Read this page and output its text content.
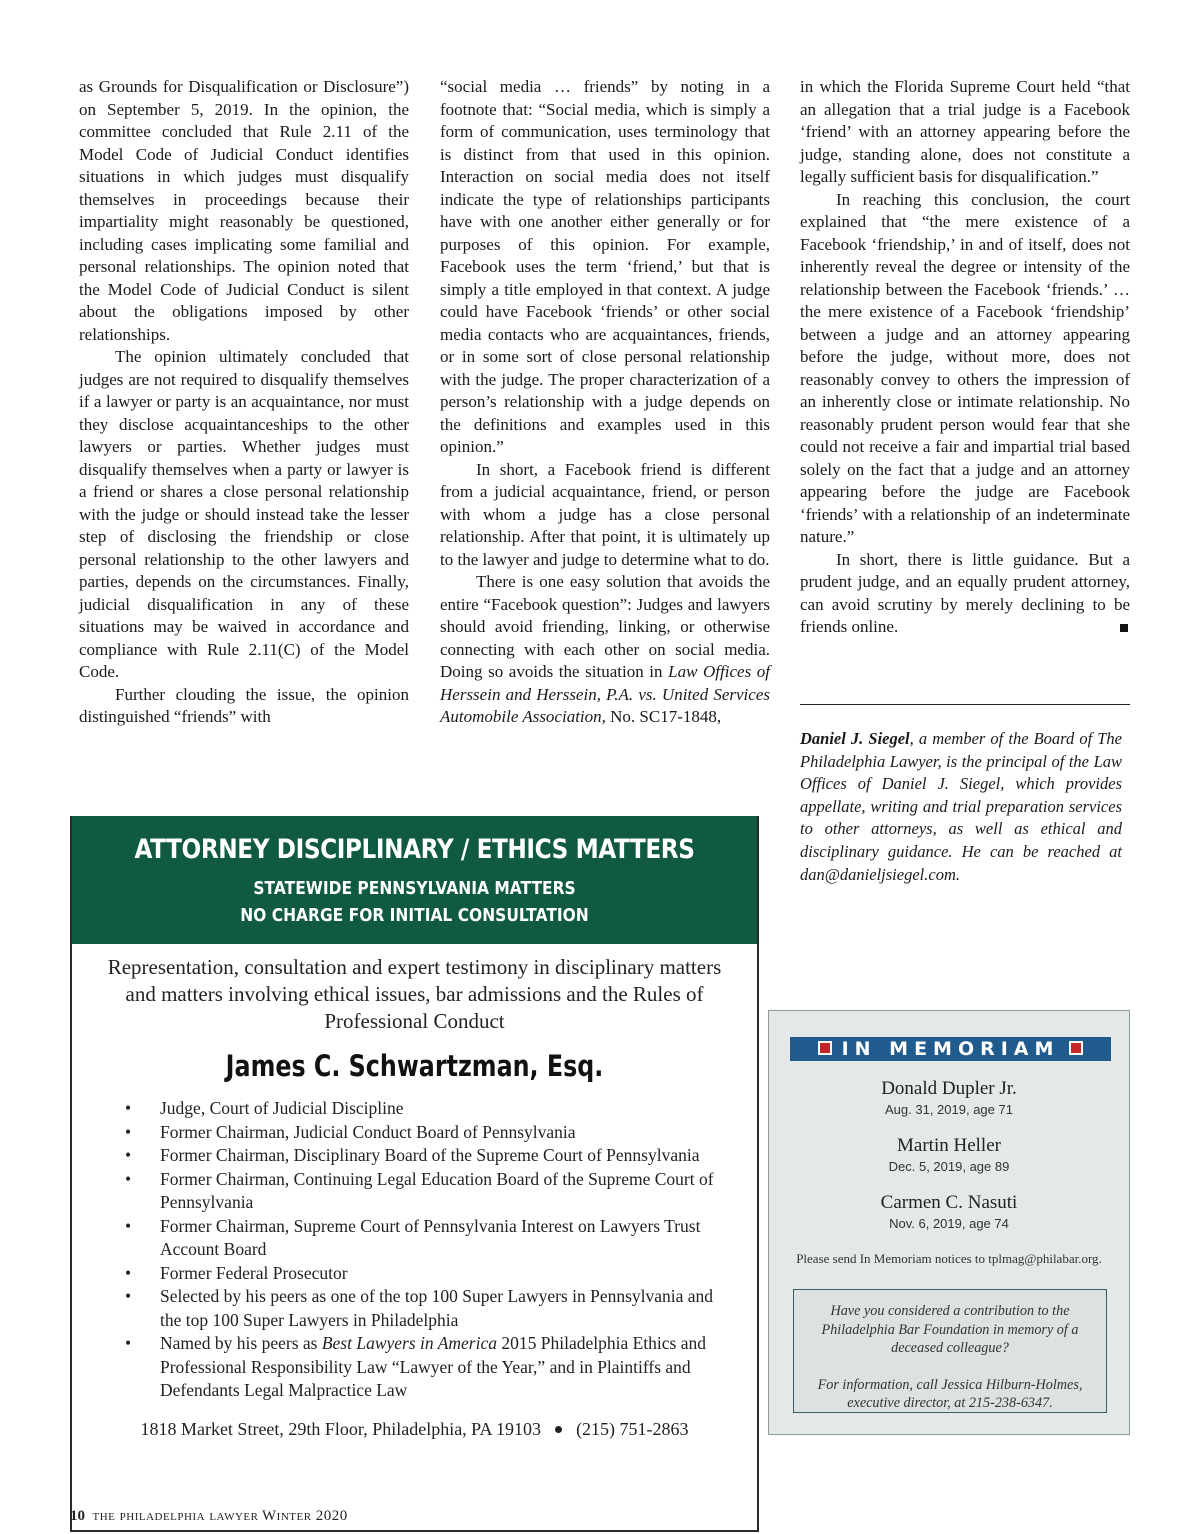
as Grounds for Disqualification or Disclosure”) on September 5, 2019. In the opinion, the committee concluded that Rule 2.11 of the Model Code of Judicial Conduct identifies situations in which judges must disqualify themselves in proceedings because their impartiality might reasonably be questioned, including cases implicating some familial and personal relationships. The opinion noted that the Model Code of Judicial Conduct is silent about the obligations imposed by other relationships.

The opinion ultimately concluded that judges are not required to disqualify themselves if a lawyer or party is an acquaintance, nor must they disclose acquaintanceships to the other lawyers or parties. Whether judges must disqualify themselves when a party or lawyer is a friend or shares a close personal relationship with the judge or should instead take the lesser step of disclosing the friendship or close personal relationship to the other lawyers and parties, depends on the circumstances. Finally, judicial disqualification in any of these situations may be waived in accordance and compliance with Rule 2.11(C) of the Model Code.

Further clouding the issue, the opinion distinguished “friends” with

“social media … friends” by noting in a footnote that: “Social media, which is simply a form of communication, uses terminology that is distinct from that used in this opinion. Interaction on social media does not itself indicate the type of relationships participants have with one another either generally or for purposes of this opinion. For example, Facebook uses the term ‘friend,’ but that is simply a title employed in that context. A judge could have Facebook ‘friends’ or other social media contacts who are acquaintances, friends, or in some sort of close personal relationship with the judge. The proper characterization of a person’s relationship with a judge depends on the definitions and examples used in this opinion.”

In short, a Facebook friend is different from a judicial acquaintance, friend, or person with whom a judge has a close personal relationship. After that point, it is ultimately up to the lawyer and judge to determine what to do.

There is one easy solution that avoids the entire “Facebook question”: Judges and lawyers should avoid friending, linking, or otherwise connecting with each other on social media. Doing so avoids the situation in Law Offices of Herssein and Herssein, P.A. vs. United Services Automobile Association, No. SC17-1848,

in which the Florida Supreme Court held “that an allegation that a trial judge is a Facebook ‘friend’ with an attorney appearing before the judge, standing alone, does not constitute a legally sufficient basis for disqualification.”

In reaching this conclusion, the court explained that “the mere existence of a Facebook ‘friendship,’ in and of itself, does not inherently reveal the degree or intensity of the relationship between the Facebook ‘friends.’ … the mere existence of a Facebook ‘friendship’ between a judge and an attorney appearing before the judge, without more, does not reasonably convey to others the impression of an inherently close or intimate relationship. No reasonably prudent person would fear that she could not receive a fair and impartial trial based solely on the fact that a judge and an attorney appearing before the judge are Facebook ‘friends’ with a relationship of an indeterminate nature.”

In short, there is little guidance. But a prudent judge, and an equally prudent attorney, can avoid scrutiny by merely declining to be friends online.

Daniel J. Siegel, a member of the Board of The Philadelphia Lawyer, is the principal of the Law Offices of Daniel J. Siegel, which provides appellate, writing and trial preparation services to other attorneys, as well as ethical and disciplinary guidance. He can be reached at dan@danieljsiegel.com.
ATTORNEY DISCIPLINARY / ETHICS MATTERS
STATEWIDE PENNSYLVANIA MATTERS
NO CHARGE FOR INITIAL CONSULTATION
Representation, consultation and expert testimony in disciplinary matters and matters involving ethical issues, bar admissions and the Rules of Professional Conduct
James C. Schwartzman, Esq.
• Judge, Court of Judicial Discipline
• Former Chairman, Judicial Conduct Board of Pennsylvania
• Former Chairman, Disciplinary Board of the Supreme Court of Pennsylvania
• Former Chairman, Continuing Legal Education Board of the Supreme Court of Pennsylvania
• Former Chairman, Supreme Court of Pennsylvania Interest on Lawyers Trust Account Board
• Former Federal Prosecutor
• Selected by his peers as one of the top 100 Super Lawyers in Pennsylvania and the top 100 Super Lawyers in Philadelphia
• Named by his peers as Best Lawyers in America 2015 Philadelphia Ethics and Professional Responsibility Law “Lawyer of the Year,” and in Plaintiffs and Defendants Legal Malpractice Law
1818 Market Street, 29th Floor, Philadelphia, PA 19103 (215) 751-2863
IN MEMORIAM
Donald Dupler Jr.
Aug. 31, 2019, age 71
Martin Heller
Dec. 5, 2019, age 89
Carmen C. Nasuti
Nov. 6, 2019, age 74
Please send In Memoriam notices to tplmag@philabar.org.

Have you considered a contribution to the Philadelphia Bar Foundation in memory of a deceased colleague?

For information, call Jessica Hilburn-Holmes, executive director, at 215-238-6347.

10 the philadelphia lawyer Winter 2020
